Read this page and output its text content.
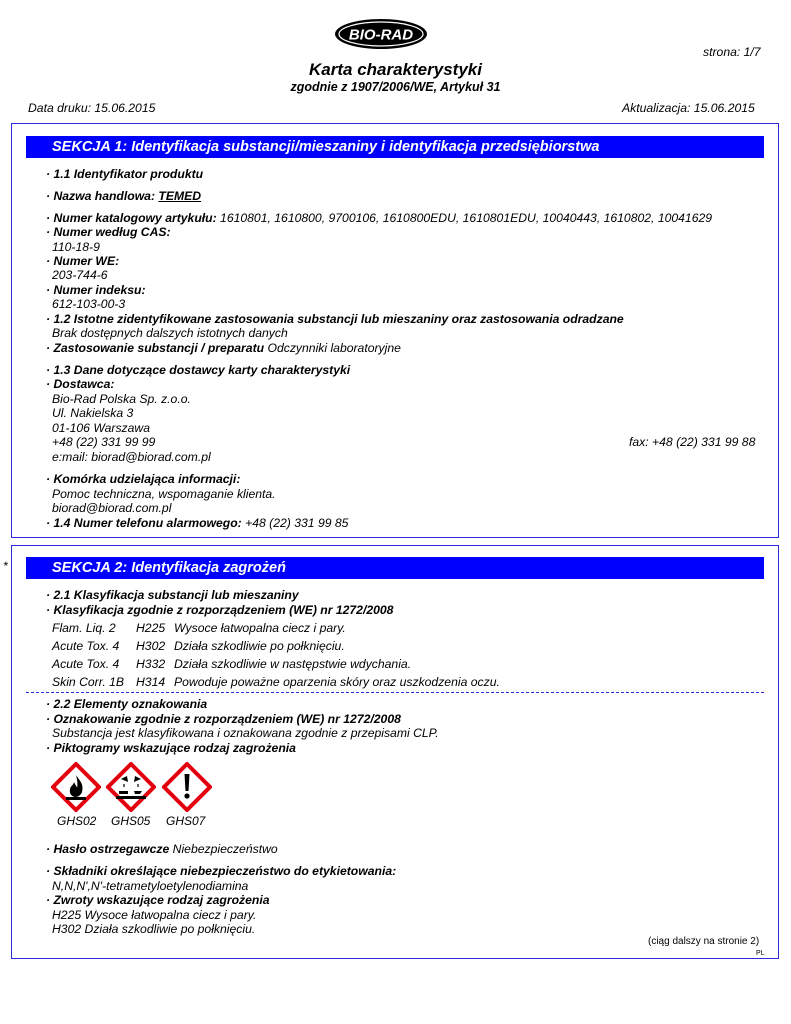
BIO-RAD
strona: 1/7
Karta charakterystyki
zgodnie z 1907/2006/WE, Artykuł 31
Data druku: 15.06.2015	Aktualizacja: 15.06.2015
SEKCJA 1: Identyfikacja substancji/mieszaniny i identyfikacja przedsiębiorstwa
· 1.1 Identyfikator produktu
· Nazwa handlowa: TEMED
· Numer katalogowy artykułu: 1610801, 1610800, 9700106, 1610800EDU, 1610801EDU, 10040443, 1610802, 10041629
· Numer według CAS:
110-18-9
· Numer WE:
203-744-6
· Numer indeksu:
612-103-00-3
· 1.2 Istotne zidentyfikowane zastosowania substancji lub mieszaniny oraz zastosowania odradzane
Brak dostępnych dalszych istotnych danych
· Zastosowanie substancji / preparatu Odczynniki laboratoryjne
· 1.3 Dane dotyczące dostawcy karty charakterystyki
· Dostawca:
Bio-Rad Polska Sp. z.o.o.
Ul. Nakielska 3
01-106 Warszawa
+48 (22) 331 99 99	fax: +48 (22) 331 99 88
e:mail: biorad@biorad.com.pl
· Komórka udzielająca informacji:
Pomoc techniczna, wspomaganie klienta.
biorad@biorad.com.pl
· 1.4 Numer telefonu alarmowego: +48 (22) 331 99 85
*	SEKCJA 2: Identyfikacja zagrożeń
· 2.1 Klasyfikacja substancji lub mieszaniny
· Klasyfikacja zgodnie z rozporządzeniem (WE) nr 1272/2008
Flam. Liq. 2 H225 Wysoce łatwopalna ciecz i pary.
Acute Tox. 4 H302 Działa szkodliwie po połknięciu.
Acute Tox. 4 H332 Działa szkodliwie w następstwie wdychania.
Skin Corr. 1B H314 Powoduje poważne oparzenia skóry oraz uszkodzenia oczu.
· 2.2 Elementy oznakowania
· Oznakowanie zgodnie z rozporządzeniem (WE) nr 1272/2008
Substancja jest klasyfikowana i oznakowana zgodnie z przepisami CLP.
· Piktogramy wskazujące rodzaj zagrożenia
GHS02 GHS05 GHS07
· Hasło ostrzegawcze Niebezpieczeństwo
· Składniki określające niebezpieczeństwo do etykietowania:
N,N,N',N'-tetrametyloetylenodiamina
· Zwroty wskazujące rodzaj zagrożenia
H225 Wysoce łatwopalna ciecz i pary.
H302 Działa szkodliwie po połknięciu.
(ciąg dalszy na stronie 2)
PL
